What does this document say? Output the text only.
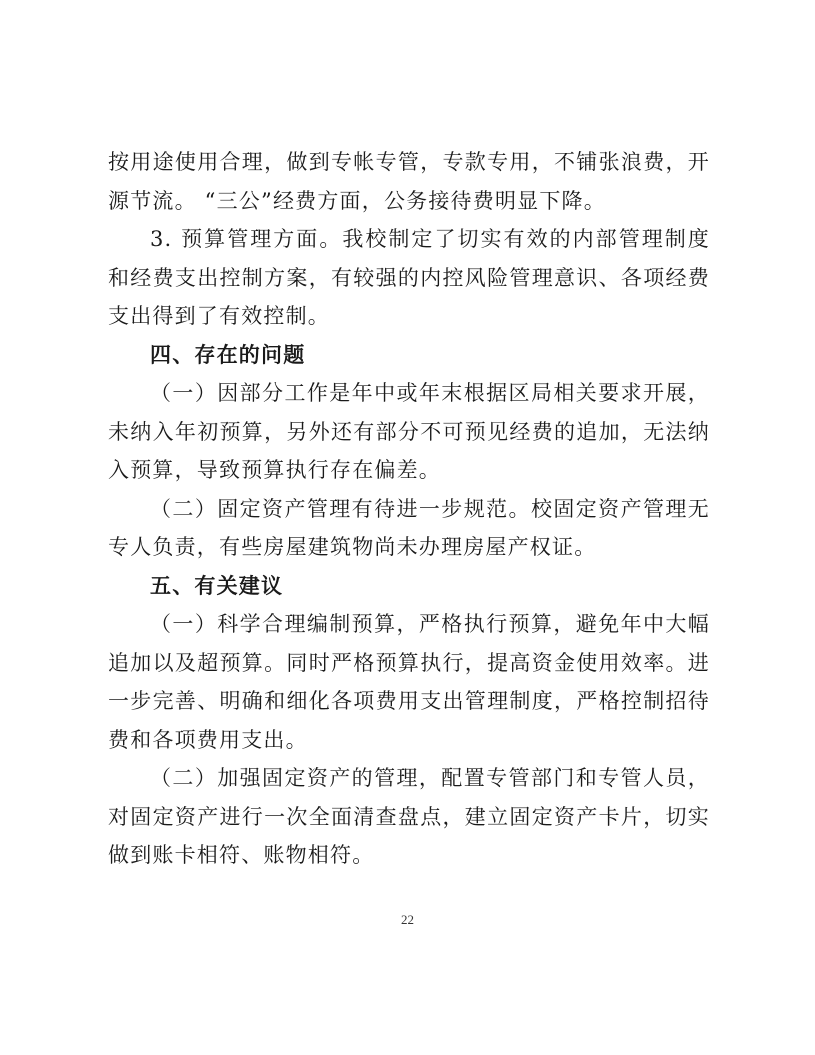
按用途使用合理，做到专帐专管，专款专用，不铺张浪费，开源节流。 “三公”经费方面，公务接待费明显下降。

3. 预算管理方面。我校制定了切实有效的内部管理制度和经费支出控制方案，有较强的内控风险管理意识、各项经费支出得到了有效控制。

四、存在的问题

（一）因部分工作是年中或年末根据区局相关要求开展，未纳入年初预算，另外还有部分不可预见经费的追加，无法纳入预算，导致预算执行存在偏差。

（二）固定资产管理有待进一步规范。校固定资产管理无专人负责，有些房屋建筑物尚未办理房屋产权证。

五、有关建议

（一）科学合理编制预算，严格执行预算，避免年中大幅追加以及超预算。同时严格预算执行，提高资金使用效率。进一步完善、明确和细化各项费用支出管理制度，严格控制招待费和各项费用支出。

（二）加强固定资产的管理，配置专管部门和专管人员，对固定资产进行一次全面清查盘点，建立固定资产卡片，切实做到账卡相符、账物相符。

22
